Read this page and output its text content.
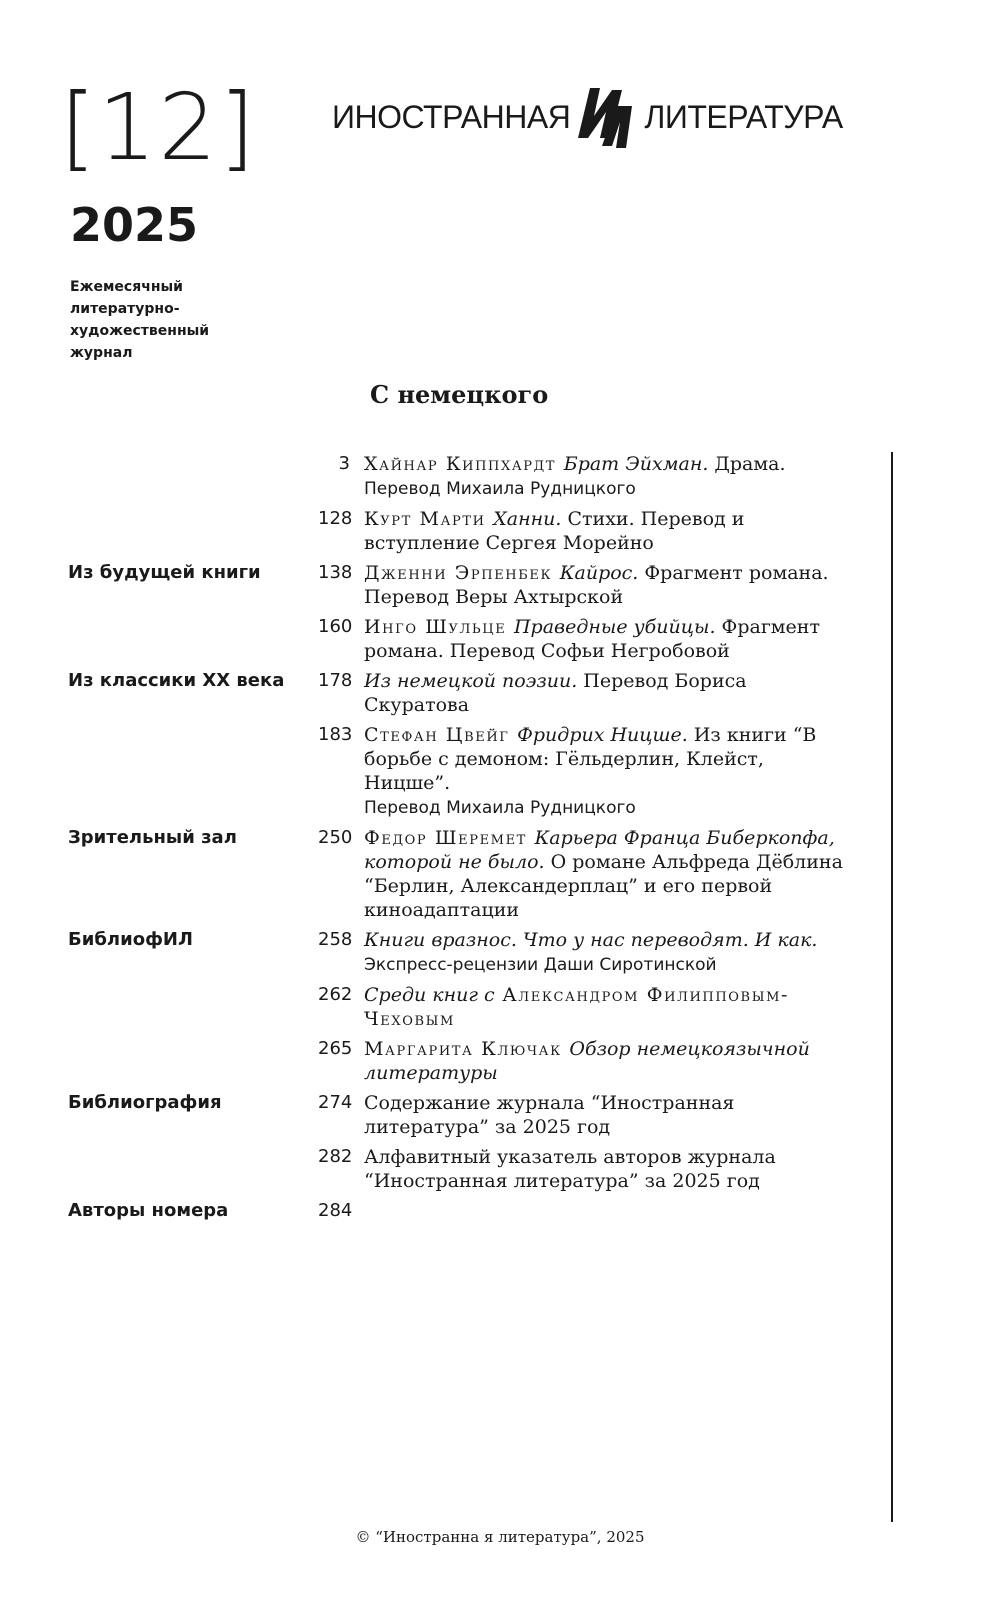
[12]
2025
Ежемесячный
литературно-
художественный
журнал
ИНОСТРАННАЯ ЛИТЕРАТУРА
С немецкого
3 Хайнар Киппхардт Брат Эйхман. Драма.
Перевод Михаила Рудницкого
128 Курт Марти Ханни. Стихи. Перевод и вступление Сергея Морейно
Из будущей книги	138 Дженни Эрпенбек Кайрос. Фрагмент романа. Перевод Веры Ахтырской
160 Инго Шульце Праведные убийцы. Фрагмент романа. Перевод Софьи Негробовой
Из классики XX века	178 Из немецкой поэзии. Перевод Бориса Скуратова
183 Стефан Цвейг Фридрих Ницше. Из книги “В борьбе с демоном: Гёльдерлин, Клейст, Ницше”.
Перевод Михаила Рудницкого
Зрительный зал	250 Федор Шеремет Карьера Франца Биберкопфа, которой не было. О романе Альфреда Дёблина “Берлин, Александерплац” и его первой киноадаптации
БиблиофИЛ	258 Книги вразнос. Что у нас переводят. И как.
Экспресс-рецензии Даши Сиротинской
262 Среди книг с Александром Филипповым-Чеховым
265 Маргарита Ключак Обзор немецкоязычной литературы
Библиография	274 Содержание журнала “Иностранная литература” за 2025 год
282 Алфавитный указатель авторов журнала “Иностранная литература” за 2025 год
Авторы номера	284
© “Иностранна я литература”, 2025
